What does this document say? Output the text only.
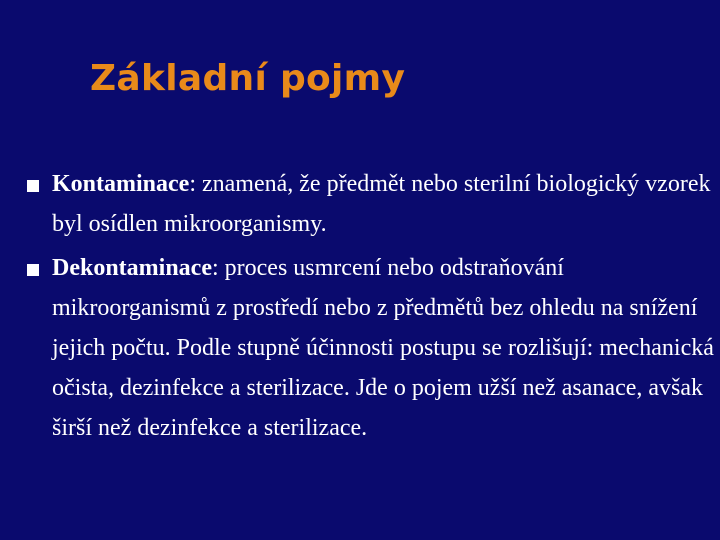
Základní pojmy
Kontaminace: znamená, že předmět nebo sterilní biologický vzorek byl osídlen mikroorganismy.
Dekontaminace: proces usmrcení nebo odstraňování mikroorganismů z prostředí nebo z předmětů bez ohledu na snížení jejich počtu. Podle stupně účinnosti postupu se rozlišují: mechanická očista, dezinfekce a sterilizace. Jde o pojem užší než asanace, avšak širší než dezinfekce a sterilizace.
